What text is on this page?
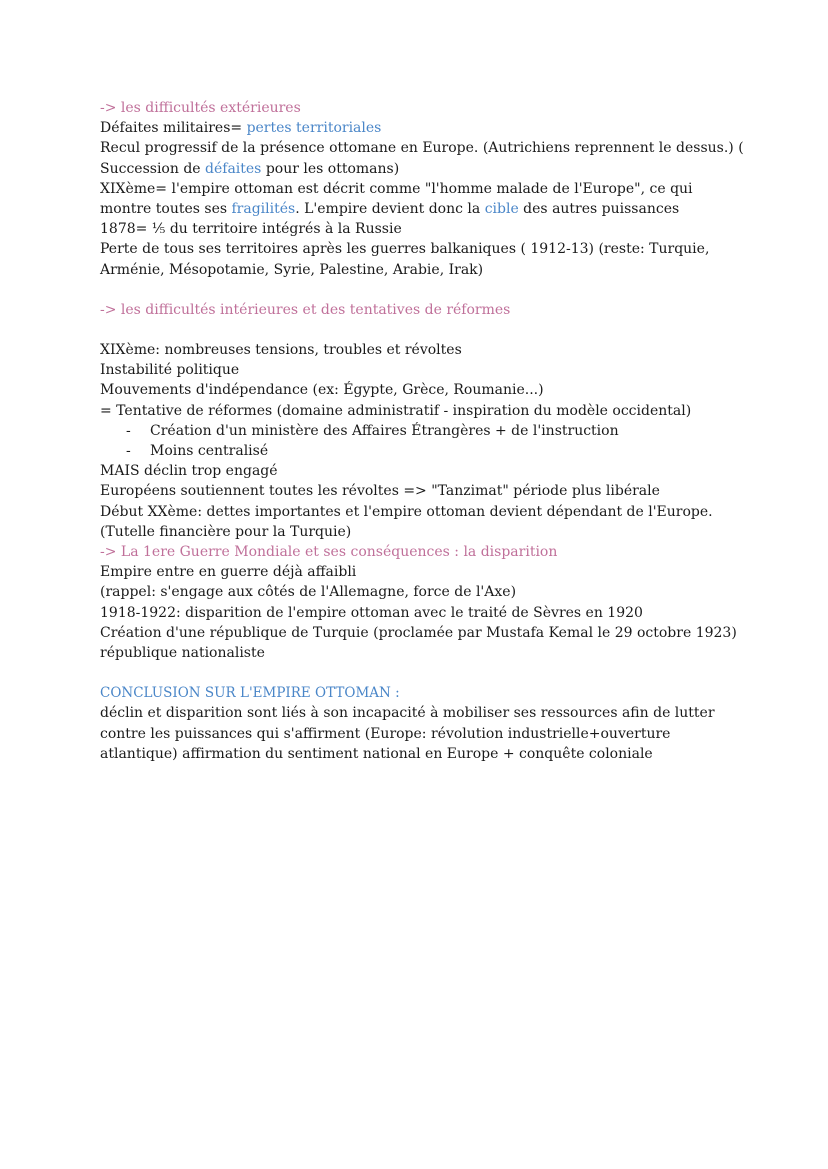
-> les difficultés extérieures

Défaites militaires= pertes territoriales

Recul progressif de la présence ottomane en Europe. (Autrichiens reprennent le dessus.) (

Succession de défaites pour les ottomans)

XIXème= l'empire ottoman est décrit comme "l'homme malade de l'Europe", ce qui

montre toutes ses fragilités. L'empire devient donc la cible des autres puissances

1878= ⅕ du territoire intégrés à la Russie

Perte de tous ses territoires après les guerres balkaniques ( 1912-13) (reste: Turquie,

Arménie, Mésopotamie, Syrie, Palestine, Arabie, Irak)

-> les difficultés intérieures et des tentatives de réformes

XIXème: nombreuses tensions, troubles et révoltes

Instabilité politique

Mouvements d'indépendance (ex: Égypte, Grèce, Roumanie...)

= Tentative de réformes (domaine administratif - inspiration du modèle occidental)

- Création d'un ministère des Affaires Étrangères + de l'instruction
- Moins centralisé

MAIS déclin trop engagé

Européens soutiennent toutes les révoltes => "Tanzimat" période plus libérale

Début XXème: dettes importantes et l'empire ottoman devient dépendant de l'Europe.

(Tutelle financière pour la Turquie)

-> La 1ere Guerre Mondiale et ses conséquences : la disparition

Empire entre en guerre déjà affaibli

(rappel: s'engage aux côtés de l'Allemagne, force de l'Axe)

1918-1922: disparition de l'empire ottoman avec le traité de Sèvres en 1920

Création d'une république de Turquie (proclamée par Mustafa Kemal le 29 octobre 1923)

république nationaliste

CONCLUSION SUR L'EMPIRE OTTOMAN :

déclin et disparition sont liés à son incapacité à mobiliser ses ressources afin de lutter

contre les puissances qui s'affirment (Europe: révolution industrielle+ouverture

atlantique) affirmation du sentiment national en Europe + conquête coloniale
